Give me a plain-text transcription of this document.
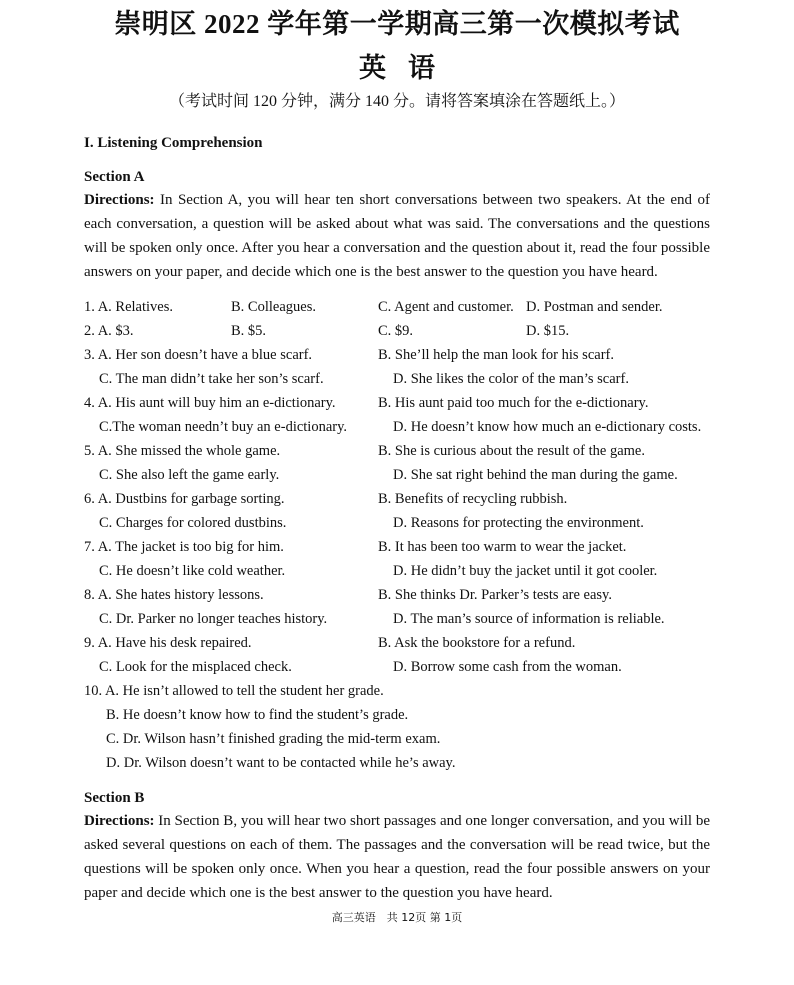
崇明区 2022 学年第一学期高三第一次模拟考试
英语

（考试时间 120 分钟，满分 140 分。请将答案填涂在答题纸上。）

I. Listening Comprehension

Section A

Directions: In Section A, you will hear ten short conversations between two speakers. At the end of each conversation, a question will be asked about what was said. The conversations and the questions will be spoken only once. After you hear a conversation and the question about it, read the four possible answers on your paper, and decide which one is the best answer to the question you have heard.

1. A. Relatives.	B. Colleagues.	C. Agent and customer. D. Postman and sender.
2. A. $3.	B. $5.	C. $9.	D. $15.
3. A. Her son doesn’t have a blue scarf.	B. She’ll help the man look for his scarf.
C. The man didn’t take her son’s scarf.	D. She likes the color of the man’s scarf.
4. A. His aunt will buy him an e-dictionary.	B. His aunt paid too much for the e-dictionary.
C.The woman needn’t buy an e-dictionary.	D. He doesn’t know how much an e-dictionary costs.
5. A. She missed the whole game.	B. She is curious about the result of the game.
C. She also left the game early.	D. She sat right behind the man during the game.
6. A. Dustbins for garbage sorting.	B. Benefits of recycling rubbish.
C. Charges for colored dustbins.	D. Reasons for protecting the environment.
7. A. The jacket is too big for him.	B. It has been too warm to wear the jacket.
C. He doesn’t like cold weather.	D. He didn’t buy the jacket until it got cooler.
8. A. She hates history lessons.	B. She thinks Dr. Parker’s tests are easy.
C. Dr. Parker no longer teaches history.	D. The man’s source of information is reliable.
9. A. Have his desk repaired.	B. Ask the bookstore for a refund.
C. Look for the misplaced check.	D. Borrow some cash from the woman.
10. A. He isn’t allowed to tell the student her grade.
B. He doesn’t know how to find the student’s grade.
C. Dr. Wilson hasn’t finished grading the mid-term exam.
D. Dr. Wilson doesn’t want to be contacted while he’s away.

Section B

Directions: In Section B, you will hear two short passages and one longer conversation, and you will be asked several questions on each of them. The passages and the conversation will be read twice, but the questions will be spoken only once. When you hear a question, read the four possible answers on your paper and decide which one is the best answer to the question you have heard.

高三英语　共 12页 第 1页
